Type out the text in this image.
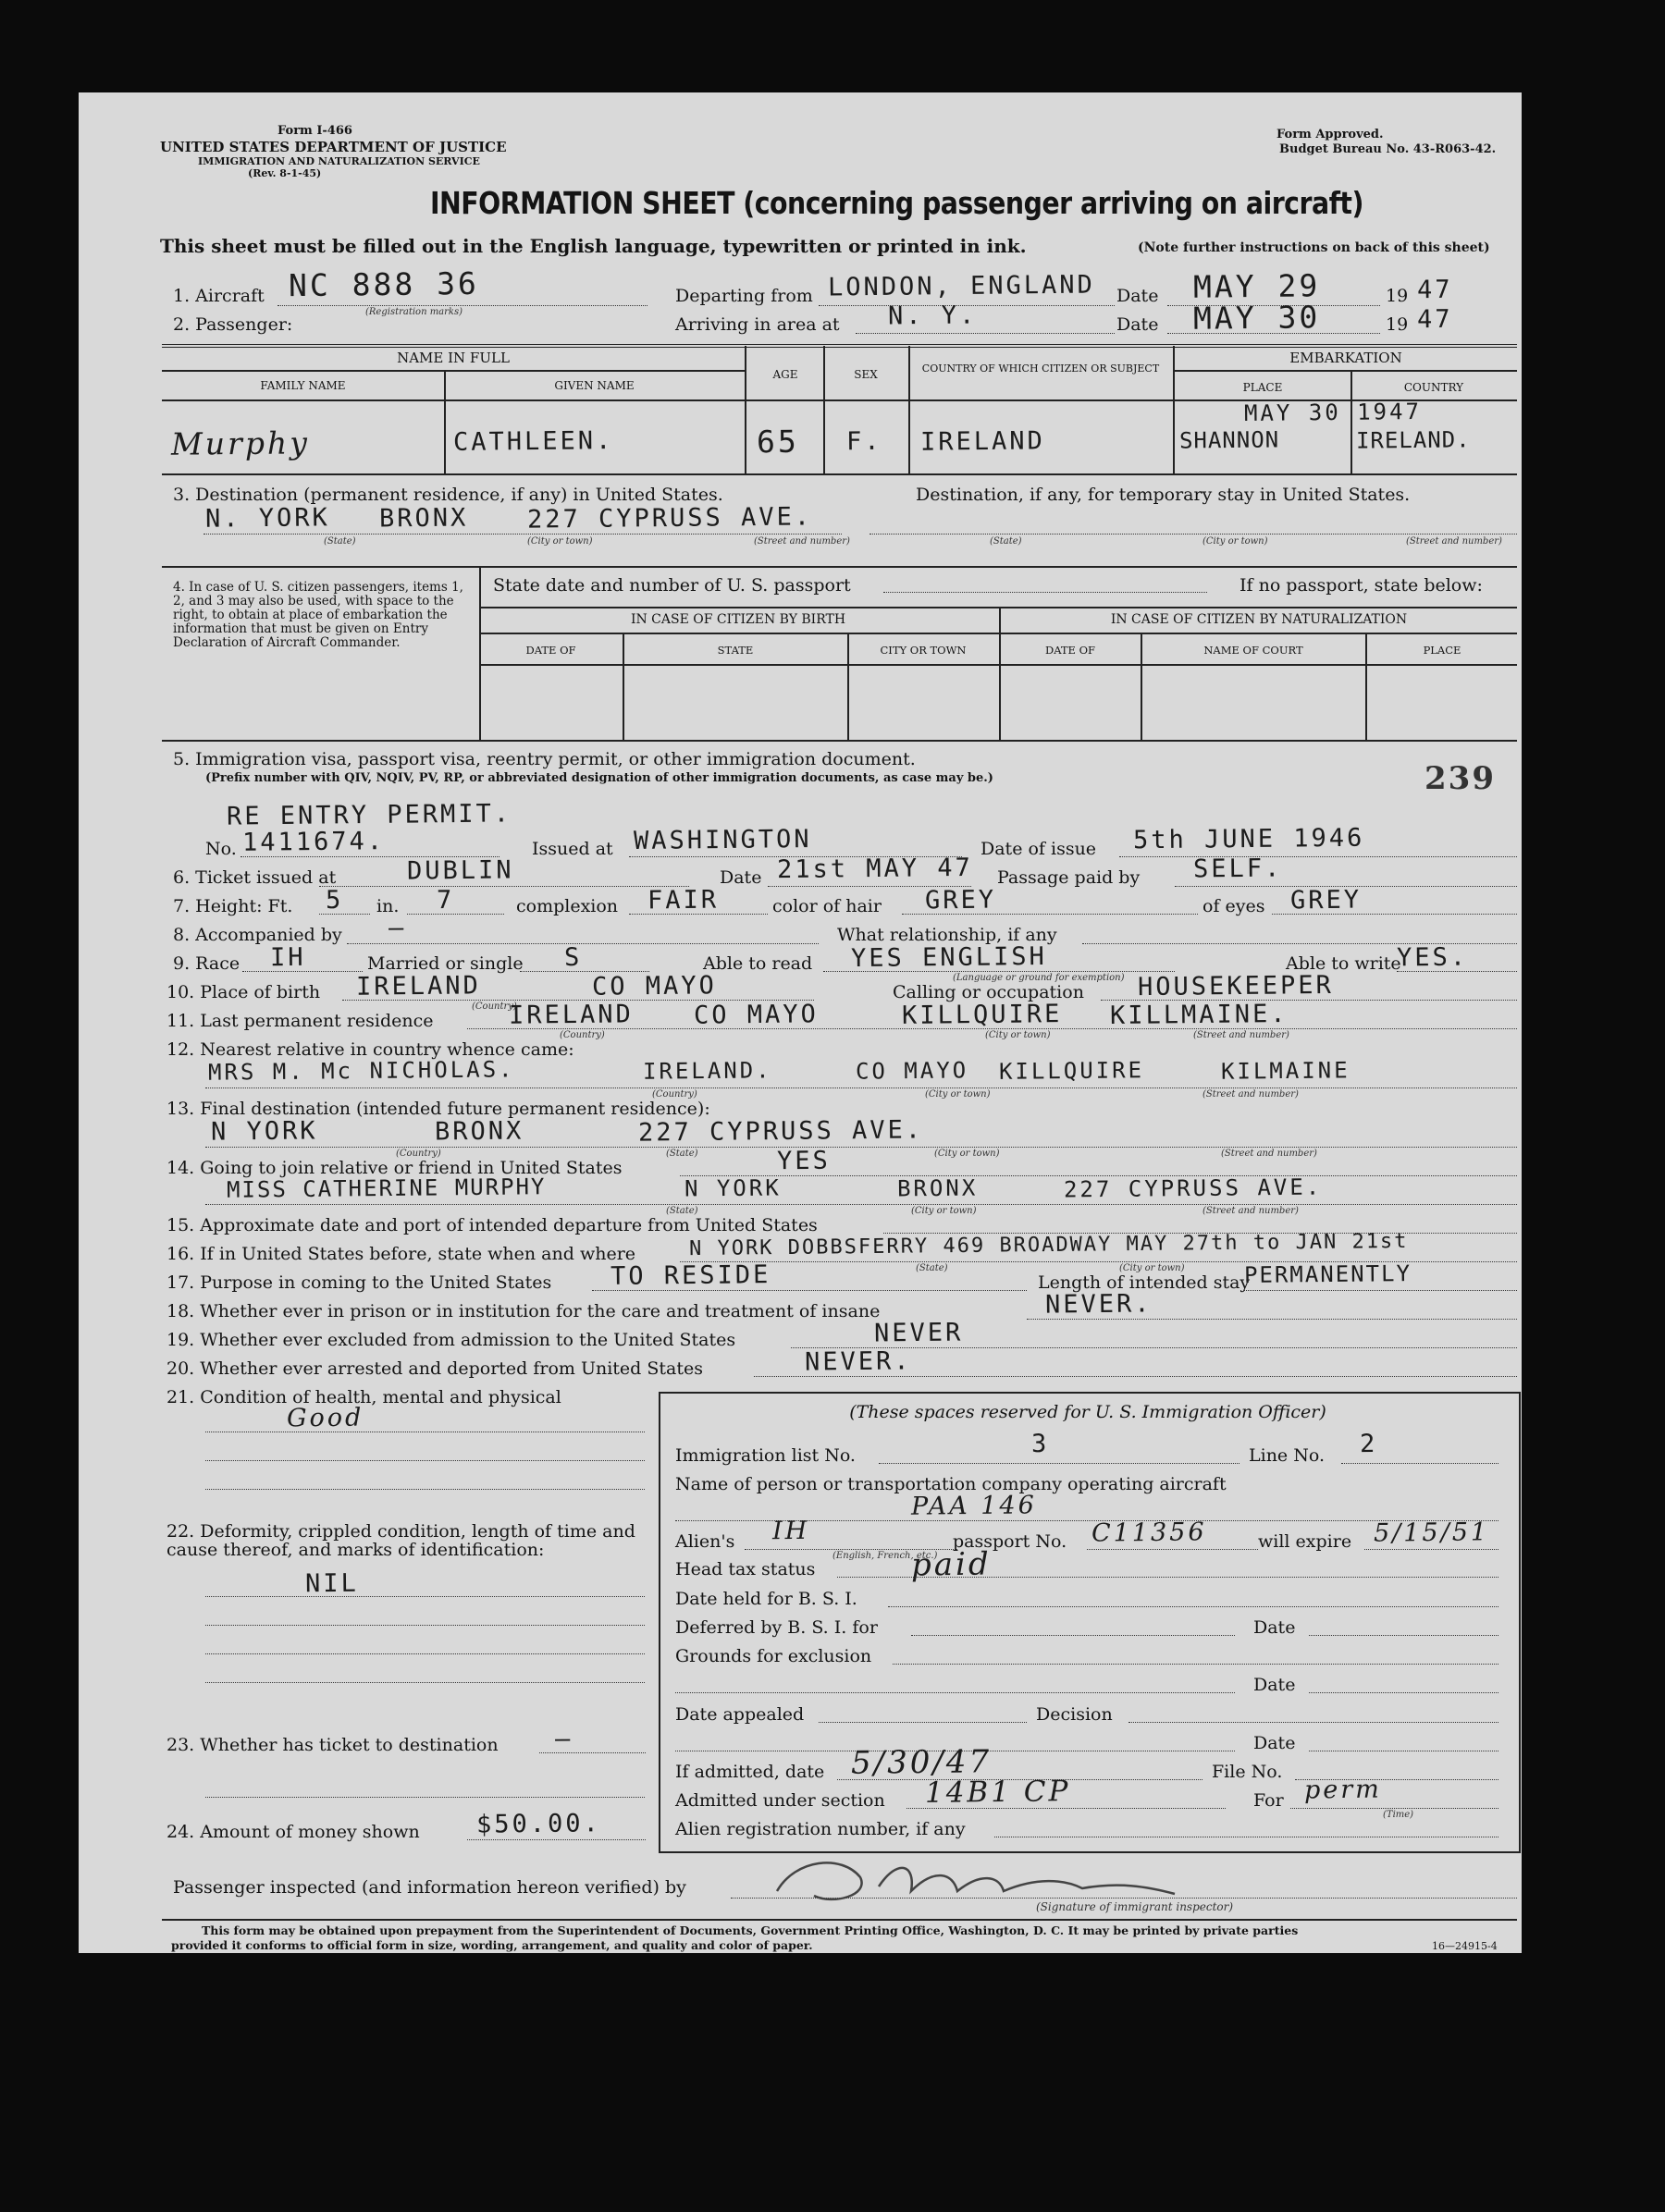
Form I-466
UNITED STATES DEPARTMENT OF JUSTICE
IMMIGRATION AND NATURALIZATION SERVICE
(Rev. 8-1-45)
Form Approved.
Budget Bureau No. 43-R063-42.
INFORMATION SHEET (concerning passenger arriving on aircraft)
This sheet must be filled out in the English language, typewritten or printed in ink.	(Note further instructions on back of this sheet)
1. Aircraft
(Registration marks)
NC 888 36	Departing from LONDON, ENGLAND Date MAY 29	19 47
2. Passenger:	Arriving in area at N. Y.	Date MAY 30	19 47
NAME IN FULL	EMBARKATION
FAMILY NAME	GIVEN NAME
AGE	SEX	COUNTRY OF WHICH CITIZEN OR SUBJECT
PLACE	COUNTRY
Murphy	CATHLEEN.	65 F. IRELAND
MAY 30 1947
SHANNON	IRELAND.
3. Destination (permanent residence, if any) in United States.	Destination, if any, for temporary stay in United States.
N. YORK BRONX 227 CYPRUSS AVE.
(State)	(City or town)	(Street and number)	(State)	(City or town)	(Street and number)
4. In case of U. S. citizen passengers, items 1, 2, and 3 may also be used, with space to the right, to obtain at place of embarkation the information that must be given on Entry Declaration of Aircraft Commander.
State date and number of U. S. passport	If no passport, state below:
IN CASE OF CITIZEN BY BIRTH	IN CASE OF CITIZEN BY NATURALIZATION
DATE OF	STATE	CITY OR TOWN	DATE OF	NAME OF COURT	PLACE
5. Immigration visa, passport visa, reentry permit, or other immigration document.
(Prefix number with QIV, NQIV, PV, RP, or abbreviated designation of other immigration documents, as case may be.)	239
RE ENTRY PERMIT.
No. 1411674.	Issued at WASHINGTON	Date of issue 5th JUNE 1946
6. Ticket issued at	DUBLIN	Date 21st MAY 47 Passage paid by SELF.
7. Height: Ft. 5 in. 7	complexion FAIR	color of hair GREY	of eyes GREY
8. Accompanied by —	What relationship, if any
9. Race IH	Married or single S	Able to read YES ENGLISH
(Language or ground for exemption)
Able to write
YES.
10. Place of birth IRELAND	CO MAYO
(Country)
Calling or occupation HOUSEKEEPER
11. Last permanent residence	IRELAND CO MAYO	KILLQUIRE KILLMAINE.
(Country)	(City or town)	(Street and number)
12. Nearest relative in country whence came:
MRS M. Mc NICHOLAS.	IRELAND.	CO MAYO KILLQUIRE	KILMAINE
(Country)	(City or town)	(Street and number)
13. Final destination (intended future permanent residence):
N YORK	BRONX	227 CYPRUSS AVE.
(Country)	(State)	(City or town)	(Street and number)
14. Going to join relative or friend in United States	YES
MISS CATHERINE MURPHY	N YORK	BRONX	227 CYPRUSS AVE.
(State)	(City or town)	(Street and number)
15. Approximate date and port of intended departure from United States
16. If in United States before, state when and where	N YORK DOBBSFERRY 469 BROADWAY MAY 27th to JAN 21st
(State)	(City or town)
17. Purpose in coming to the United States TO RESIDE	Length of intended stay
PERMANENTLY
18. Whether ever in prison or in institution for the care and treatment of insane	NEVER.
19. Whether ever excluded from admission to the United States	NEVER
20. Whether ever arrested and deported from United States	NEVER.
21. Condition of health, mental and physical
Good
22. Deformity, crippled condition, length of time and cause thereof, and marks of identification:
NIL
23. Whether has ticket to destination —
24. Amount of money shown $50.00.
(These spaces reserved for U. S. Immigration Officer)
Immigration list No.	3	Line No. 2
Name of person or transportation company operating aircraft
PAA 146
Alien's IH
(English, French, etc.)
passport No. C11356	will expire 5/15/51
Head tax status	paid
Date held for B. S. I.
Deferred by B. S. I. for	Date
Grounds for exclusion
Date
Date appealed	Decision
Date
If admitted, date 5/30/47	File No.
Admitted under section 14B1 CP	For perm
(Time)
Alien registration number, if any
Passenger inspected (and information hereon verified) by
(Signature of immigrant inspector)
This form may be obtained upon prepayment from the Superintendent of Documents, Government Printing Office, Washington, D. C. It may be printed by private parties
provided it conforms to official form in size, wording, arrangement, and quality and color of paper.	16—24915-4
